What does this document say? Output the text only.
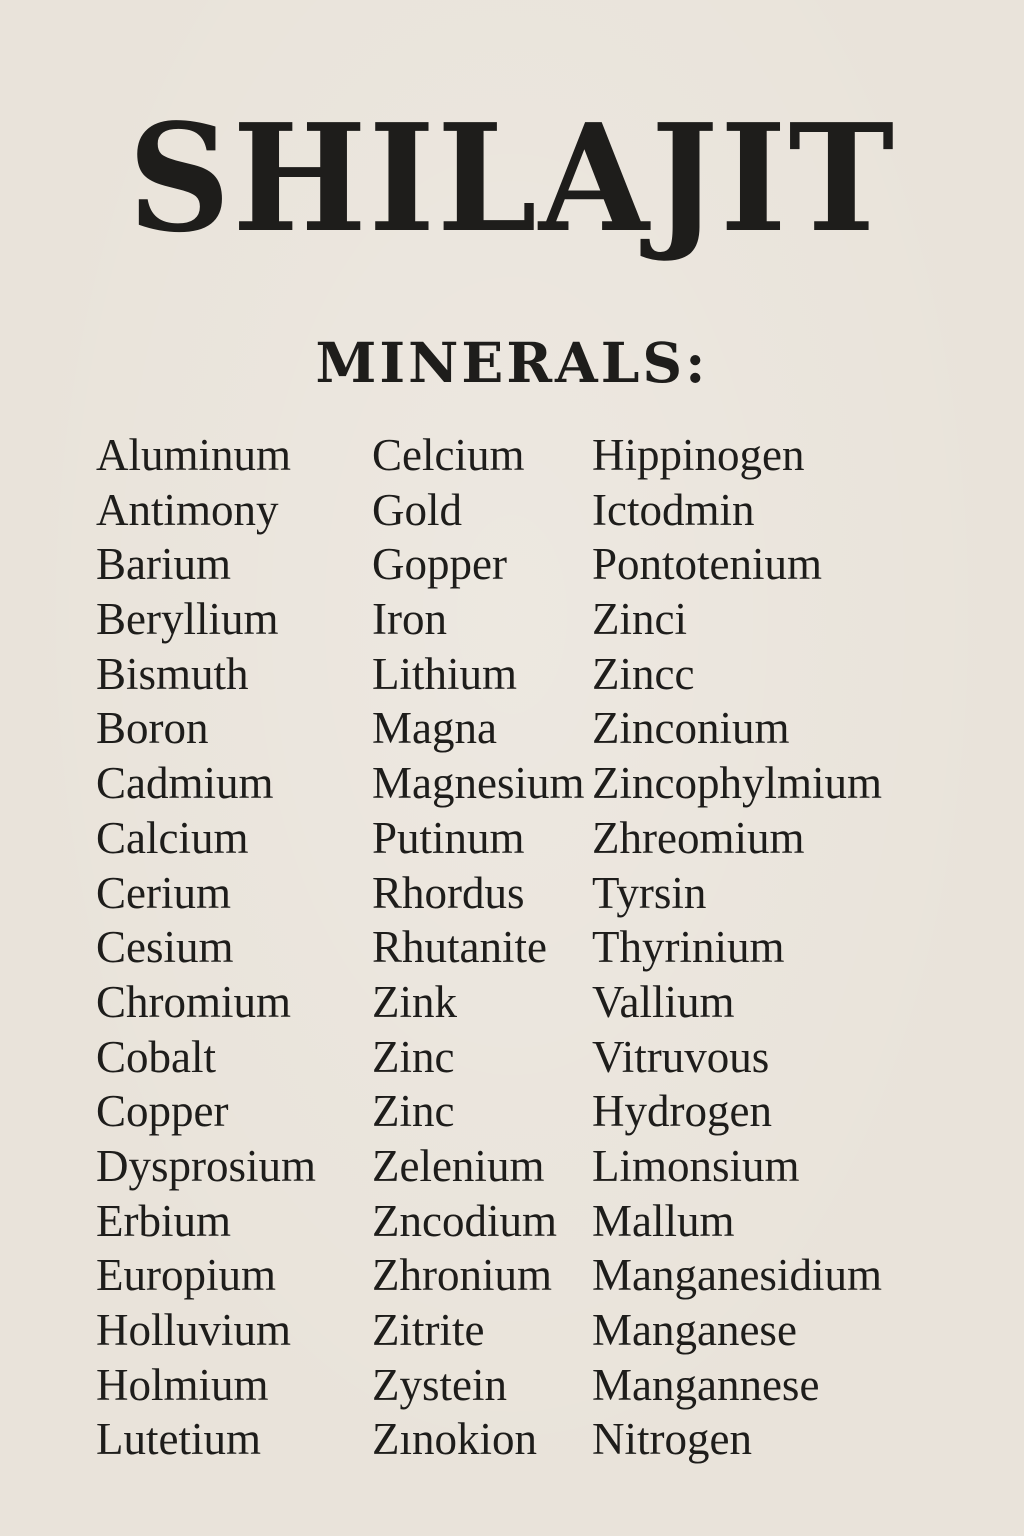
SHILAJIT
MINERALS:
Aluminum
Antimony
Barium
Beryllium
Bismuth
Boron
Cadmium
Calcium
Cerium
Cesium
Chromium
Cobalt
Copper
Dysprosium
Erbium
Europium
Holluvium
Holmium
Lutetium
Celcium
Gold
Gopper
Iron
Lithium
Magna
Magnesium
Putinum
Rhordus
Rhutanite
Zink
Zinc
Zinc
Zelenium
Zncodium
Zhronium
Zitrite
Zystein
Zınokion
Hippinogen
Ictodmin
Pontotenium
Zinci
Zincc
Zinconium
Zincophylmium
Zhreomium
Tyrsin
Thyrinium
Vallium
Vitruvous
Hydrogen
Limonsium
Mallum
Manganesidium
Manganese
Mangannese
Nitrogen
